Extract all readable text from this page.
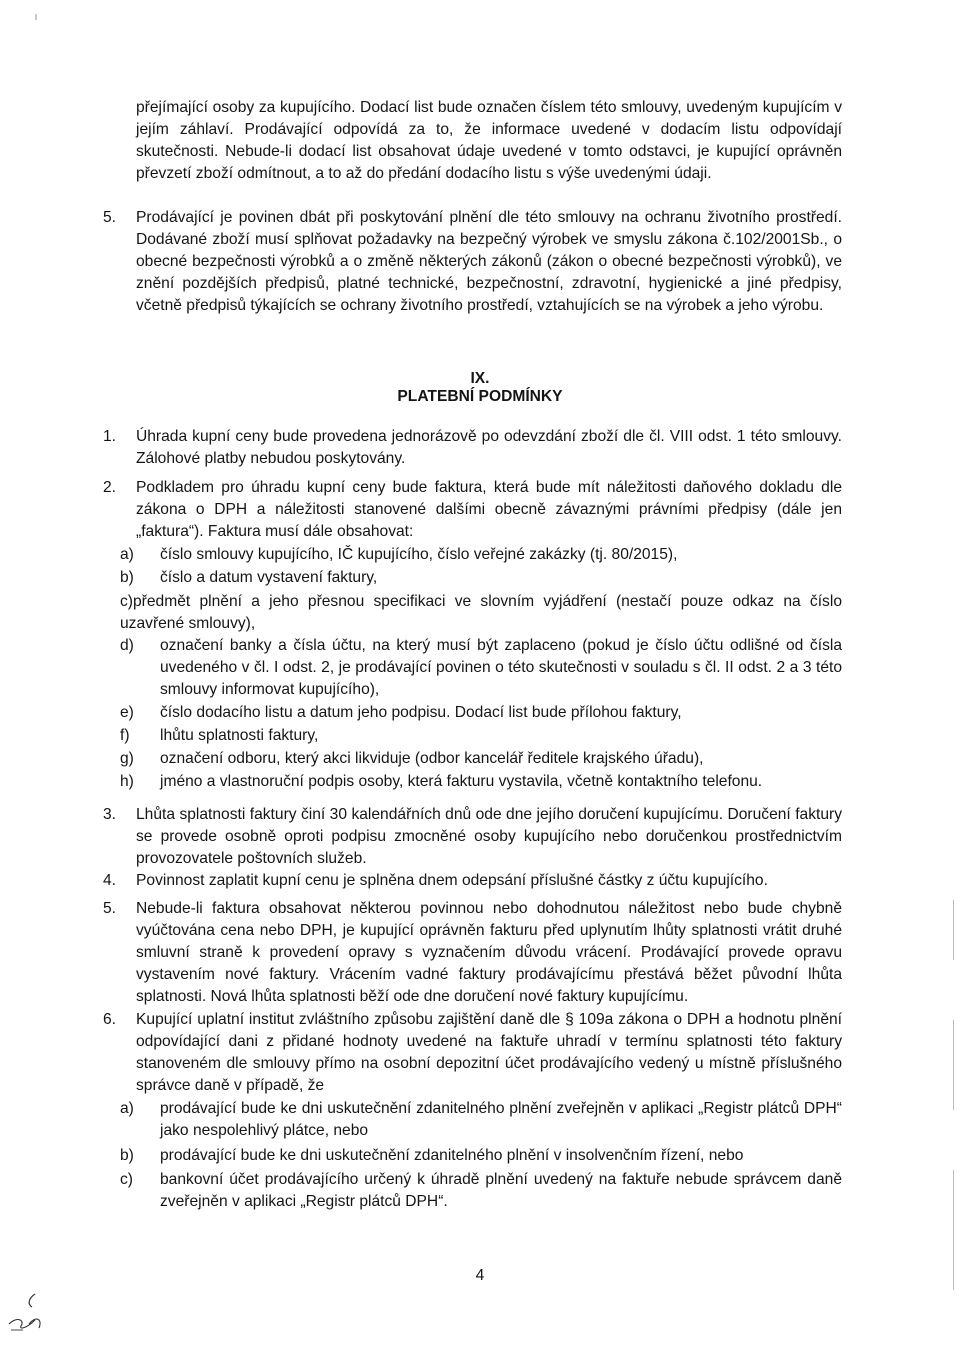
přejímající osoby za kupujícího. Dodací list bude označen číslem této smlouvy, uvedeným kupujícím v jejím záhlaví. Prodávající odpovídá za to, že informace uvedené v dodacím listu odpovídají skutečnosti. Nebude-li dodací list obsahovat údaje uvedené v tomto odstavci, je kupující oprávněn převzetí zboží odmítnout, a to až do předání dodacího listu s výše uvedenými údaji.
5. Prodávající je povinen dbát při poskytování plnění dle této smlouvy na ochranu životního prostředí. Dodávané zboží musí splňovat požadavky na bezpečný výrobek ve smyslu zákona č.102/2001Sb., o obecné bezpečnosti výrobků a o změně některých zákonů (zákon o obecné bezpečnosti výrobků), ve znění pozdějších předpisů, platné technické, bezpečnostní, zdravotní, hygienické a jiné předpisy, včetně předpisů týkajících se ochrany životního prostředí, vztahujících se na výrobek a jeho výrobu.
IX.
PLATEBNÍ PODMÍNKY
1. Úhrada kupní ceny bude provedena jednorázově po odevzdání zboží dle čl. VIII odst. 1 této smlouvy. Zálohové platby nebudou poskytovány.
2. Podkladem pro úhradu kupní ceny bude faktura, která bude mít náležitosti daňového dokladu dle zákona o DPH a náležitosti stanovené dalšími obecně závaznými právními předpisy (dále jen „faktura“). Faktura musí dále obsahovat:
a) číslo smlouvy kupujícího, IČ kupujícího, číslo veřejné zakázky (tj. 80/2015),
b) číslo a datum vystavení faktury,
c)předmět plnění a jeho přesnou specifikaci ve slovním vyjádření (nestačí pouze odkaz na číslo uzavřené smlouvy),
d) označení banky a čísla účtu, na který musí být zaplaceno (pokud je číslo účtu odlišné od čísla uvedeného v čl. I odst. 2, je prodávající povinen o této skutečnosti v souladu s čl. II odst. 2 a 3 této smlouvy informovat kupujícího),
e) číslo dodacího listu a datum jeho podpisu. Dodací list bude přílohou faktury,
f) lhůtu splatnosti faktury,
g) označení odboru, který akci likviduje (odbor kancelář ředitele krajského úřadu),
h) jméno a vlastnoruční podpis osoby, která fakturu vystavila, včetně kontaktního telefonu.
3. Lhůta splatnosti faktury činí 30 kalendářních dnů ode dne jejího doručení kupujícímu. Doručení faktury se provede osobně oproti podpisu zmocněné osoby kupujícího nebo doručenkou prostřednictvím provozovatele poštovních služeb.
4. Povinnost zaplatit kupní cenu je splněna dnem odepsání příslušné částky z účtu kupujícího.
5. Nebude-li faktura obsahovat některou povinnou nebo dohodnutou náležitost nebo bude chybně vyúčtována cena nebo DPH, je kupující oprávněn fakturu před uplynutím lhůty splatnosti vrátit druhé smluvní straně k provedení opravy s vyznačením důvodu vrácení. Prodávající provede opravu vystavením nové faktury. Vrácením vadné faktury prodávajícímu přestává běžet původní lhůta splatnosti. Nová lhůta splatnosti běží ode dne doručení nové faktury kupujícímu.
6. Kupující uplatní institut zvláštního způsobu zajištění daně dle § 109a zákona o DPH a hodnotu plnění odpovídající dani z přidané hodnoty uvedené na faktuře uhradí v termínu splatnosti této faktury stanoveném dle smlouvy přímo na osobní depozitní účet prodávajícího vedený u místně příslušného správce daně v případě, že
a) prodávající bude ke dni uskutečnění zdanitelného plnění zveřejněn v aplikaci „Registr plátců DPH“ jako nespolehlivý plátce, nebo
b) prodávající bude ke dni uskutečnění zdanitelného plnění v insolvenčním řízení, nebo
c) bankovní účet prodávajícího určený k úhradě plnění uvedený na faktuře nebude správcem daně zveřejněn v aplikaci „Registr plátců DPH“.
4
